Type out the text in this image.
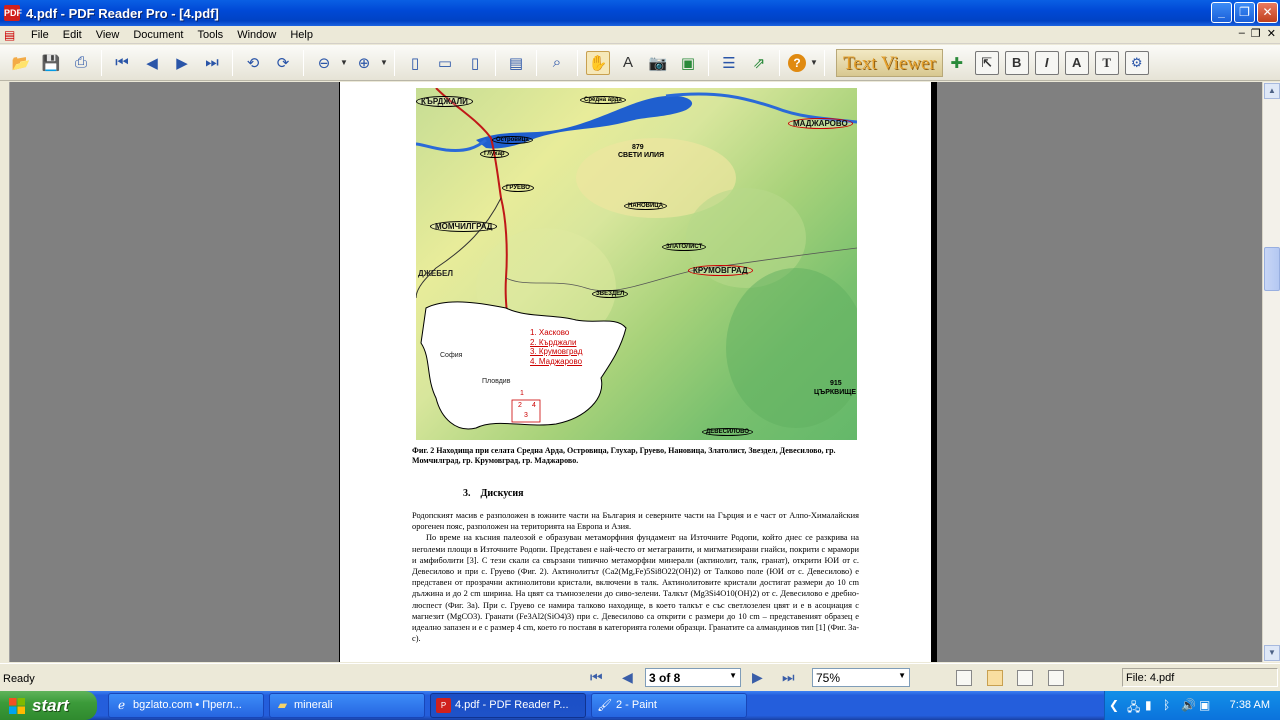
PDF 4.pdf - PDF Reader Pro - [4.pdf]	_	❐	✕
▤	File	Edit	View	Document	Tools	Window	Help	– ❐ ✕
📂 💾 ⎙	⏮	◀	▶	⏭	⟲	⟳	⊖	▼ ⊕	▼	▯	▭	▯	▤	⌕	✋	A	📷 ▣	☰	⇗	?	▼	Text Viewer ✚	⇱	B	I	A	T	⚙
КЪРДЖАЛИ
МАДЖАРОВО
МОМЧИЛГРАД
КРУМОВГРАД
ДЖЕБЕЛ
Средна арда
Островица
Глухар
ГРУЕВО
НАНОВИЦА
ЗЛАТОЛИСТ
ЗВЕЗДЕЛ
ДЕВЕСИЛОВО
879
СВЕТИ ИЛИЯ
915
ЦЪРКВИЩЕ
София
Пловдив
1
2
3
4
1. Хасково
2. Кърджали
3. Крумовград
4. Маджарово
Фиг. 2 Находища при селата Средна Арда, Островица, Глухар, Груево, Нановица, Златолист, Звездел, Девесилово, гр. Момчилград, гр. Крумовград, гр. Маджарово.
3.    Дискусия

Родопският масив е разположен в южните части на България и северните части на Гърция и е част от Алпо-Хималайския орогенен пояс, разположен на територията на Европа и Азия.

По време на късния палеозой е образуван метаморфния фундамент на Източните Родопи, който днес се разкрива на неголеми площи в Източните Родопи. Представен е най-често от метагранити, и мигматизирани гнайси, покрити с мрамори и амфиболити [3]. С тези скали са свързани типично метаморфни минерали (актинолит, талк, гранат), открити ЮИ от с. Девесилово и при с. Груево (Фиг. 2). Актинолитът (Ca2(Mg,Fe)5Si8O22(OH)2) от Талково поле (ЮИ от с. Девесилово) е представен от прозрачни актинолитови кристали, включени в талк. Актинолитовите кристали достигат размери до 10 cm дължина и до 2 cm ширина. На цвят са тъмнозелени до сиво-зелени. Талкът (Mg3Si4O10(OH)2) от с. Девесилово е дребно-люспест (Фиг. 3а). При с. Груево се намира талково находище, в което талкът е със светлозелен цвят и е в асоциация с магнезит (MgCO3). Гранати (Fe3Al2(SiO4)3) при с. Девесилово са открити с размери до 10 cm – представеният образец е идеално запазен и е с размер 4 cm, което го поставя в категорията големи образци. Гранатите са алмандинов тип [1] (Фиг. 3а-с).

▲
▼
Ready	⏮ ◀	3 of 8	▼ ▶ ⏭	75%	▼	File: 4.pdf
start	ℯ bgzlato.com • Прегл...	▰ minerali	P 4.pdf - PDF Reader P...	🖌 2 - Paint	❮ 🖧 ▮ ᛒ 🔊 ▣ 7:38 AM
